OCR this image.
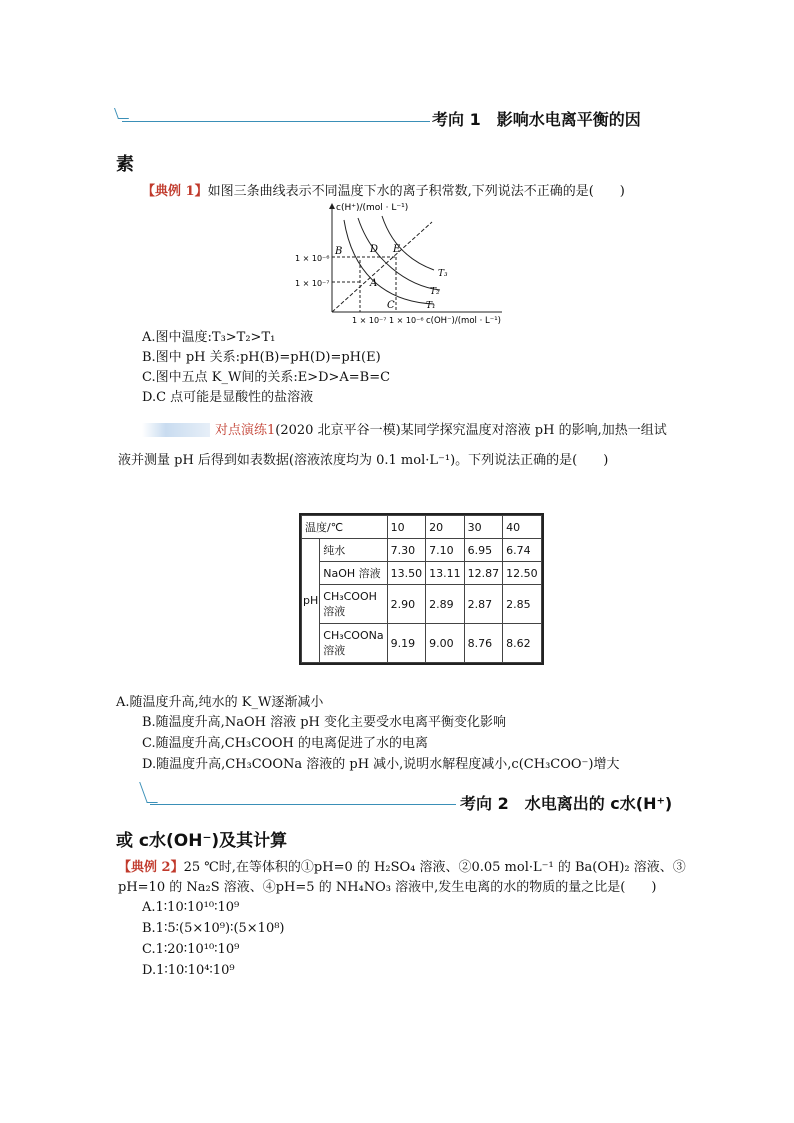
考向 1　影响水电离平衡的因
素
【典例 1】如图三条曲线表示不同温度下水的离子积常数,下列说法不正确的是(　　)
c(H⁺)/(mol · L⁻¹)
1 × 10⁻⁶
1 × 10⁻⁷
1 × 10⁻⁷ 1 × 10⁻⁶ c(OH⁻)/(mol · L⁻¹)
T₁
T₂
T₃
A
B
C
D E
A.图中温度:T₃>T₂>T₁
B.图中 pH 关系:pH(B)=pH(D)=pH(E)
C.图中五点 K_W间的关系:E>D>A=B=C
D.C 点可能是显酸性的盐溶液
对点演练1(2020 北京平谷一模)某同学探究温度对溶液 pH 的影响,加热一组试
液并测量 pH 后得到如表数据(溶液浓度均为 0.1 mol·L⁻¹)。下列说法正确的是(　　)
温度/℃		10	20	30	40
pH	纯水	7.30	7.10	6.95	6.74
	NaOH 溶液	13.50	13.11	12.87	12.50
	CH₃COOH 溶液	2.90	2.89	2.87	2.85
	CH₃COONa 溶液	9.19	9.00	8.76	8.62
A.随温度升高,纯水的 K_W逐渐减小
B.随温度升高,NaOH 溶液 pH 变化主要受水电离平衡变化影响
C.随温度升高,CH₃COOH 的电离促进了水的电离
D.随温度升高,CH₃COONa 溶液的 pH 减小,说明水解程度减小,c(CH₃COO⁻)增大
考向 2　水电离出的 c水(H⁺)
或 c水(OH⁻)及其计算
【典例 2】25 ℃时,在等体积的①pH=0 的 H₂SO₄ 溶液、②0.05 mol·L⁻¹ 的 Ba(OH)₂ 溶液、③
pH=10 的 Na₂S 溶液、④pH=5 的 NH₄NO₃ 溶液中,发生电离的水的物质的量之比是(　　)
A.1∶10∶10¹⁰∶10⁹
B.1∶5∶(5×10⁹)∶(5×10⁸)
C.1∶20∶10¹⁰∶10⁹
D.1∶10∶10⁴∶10⁹
